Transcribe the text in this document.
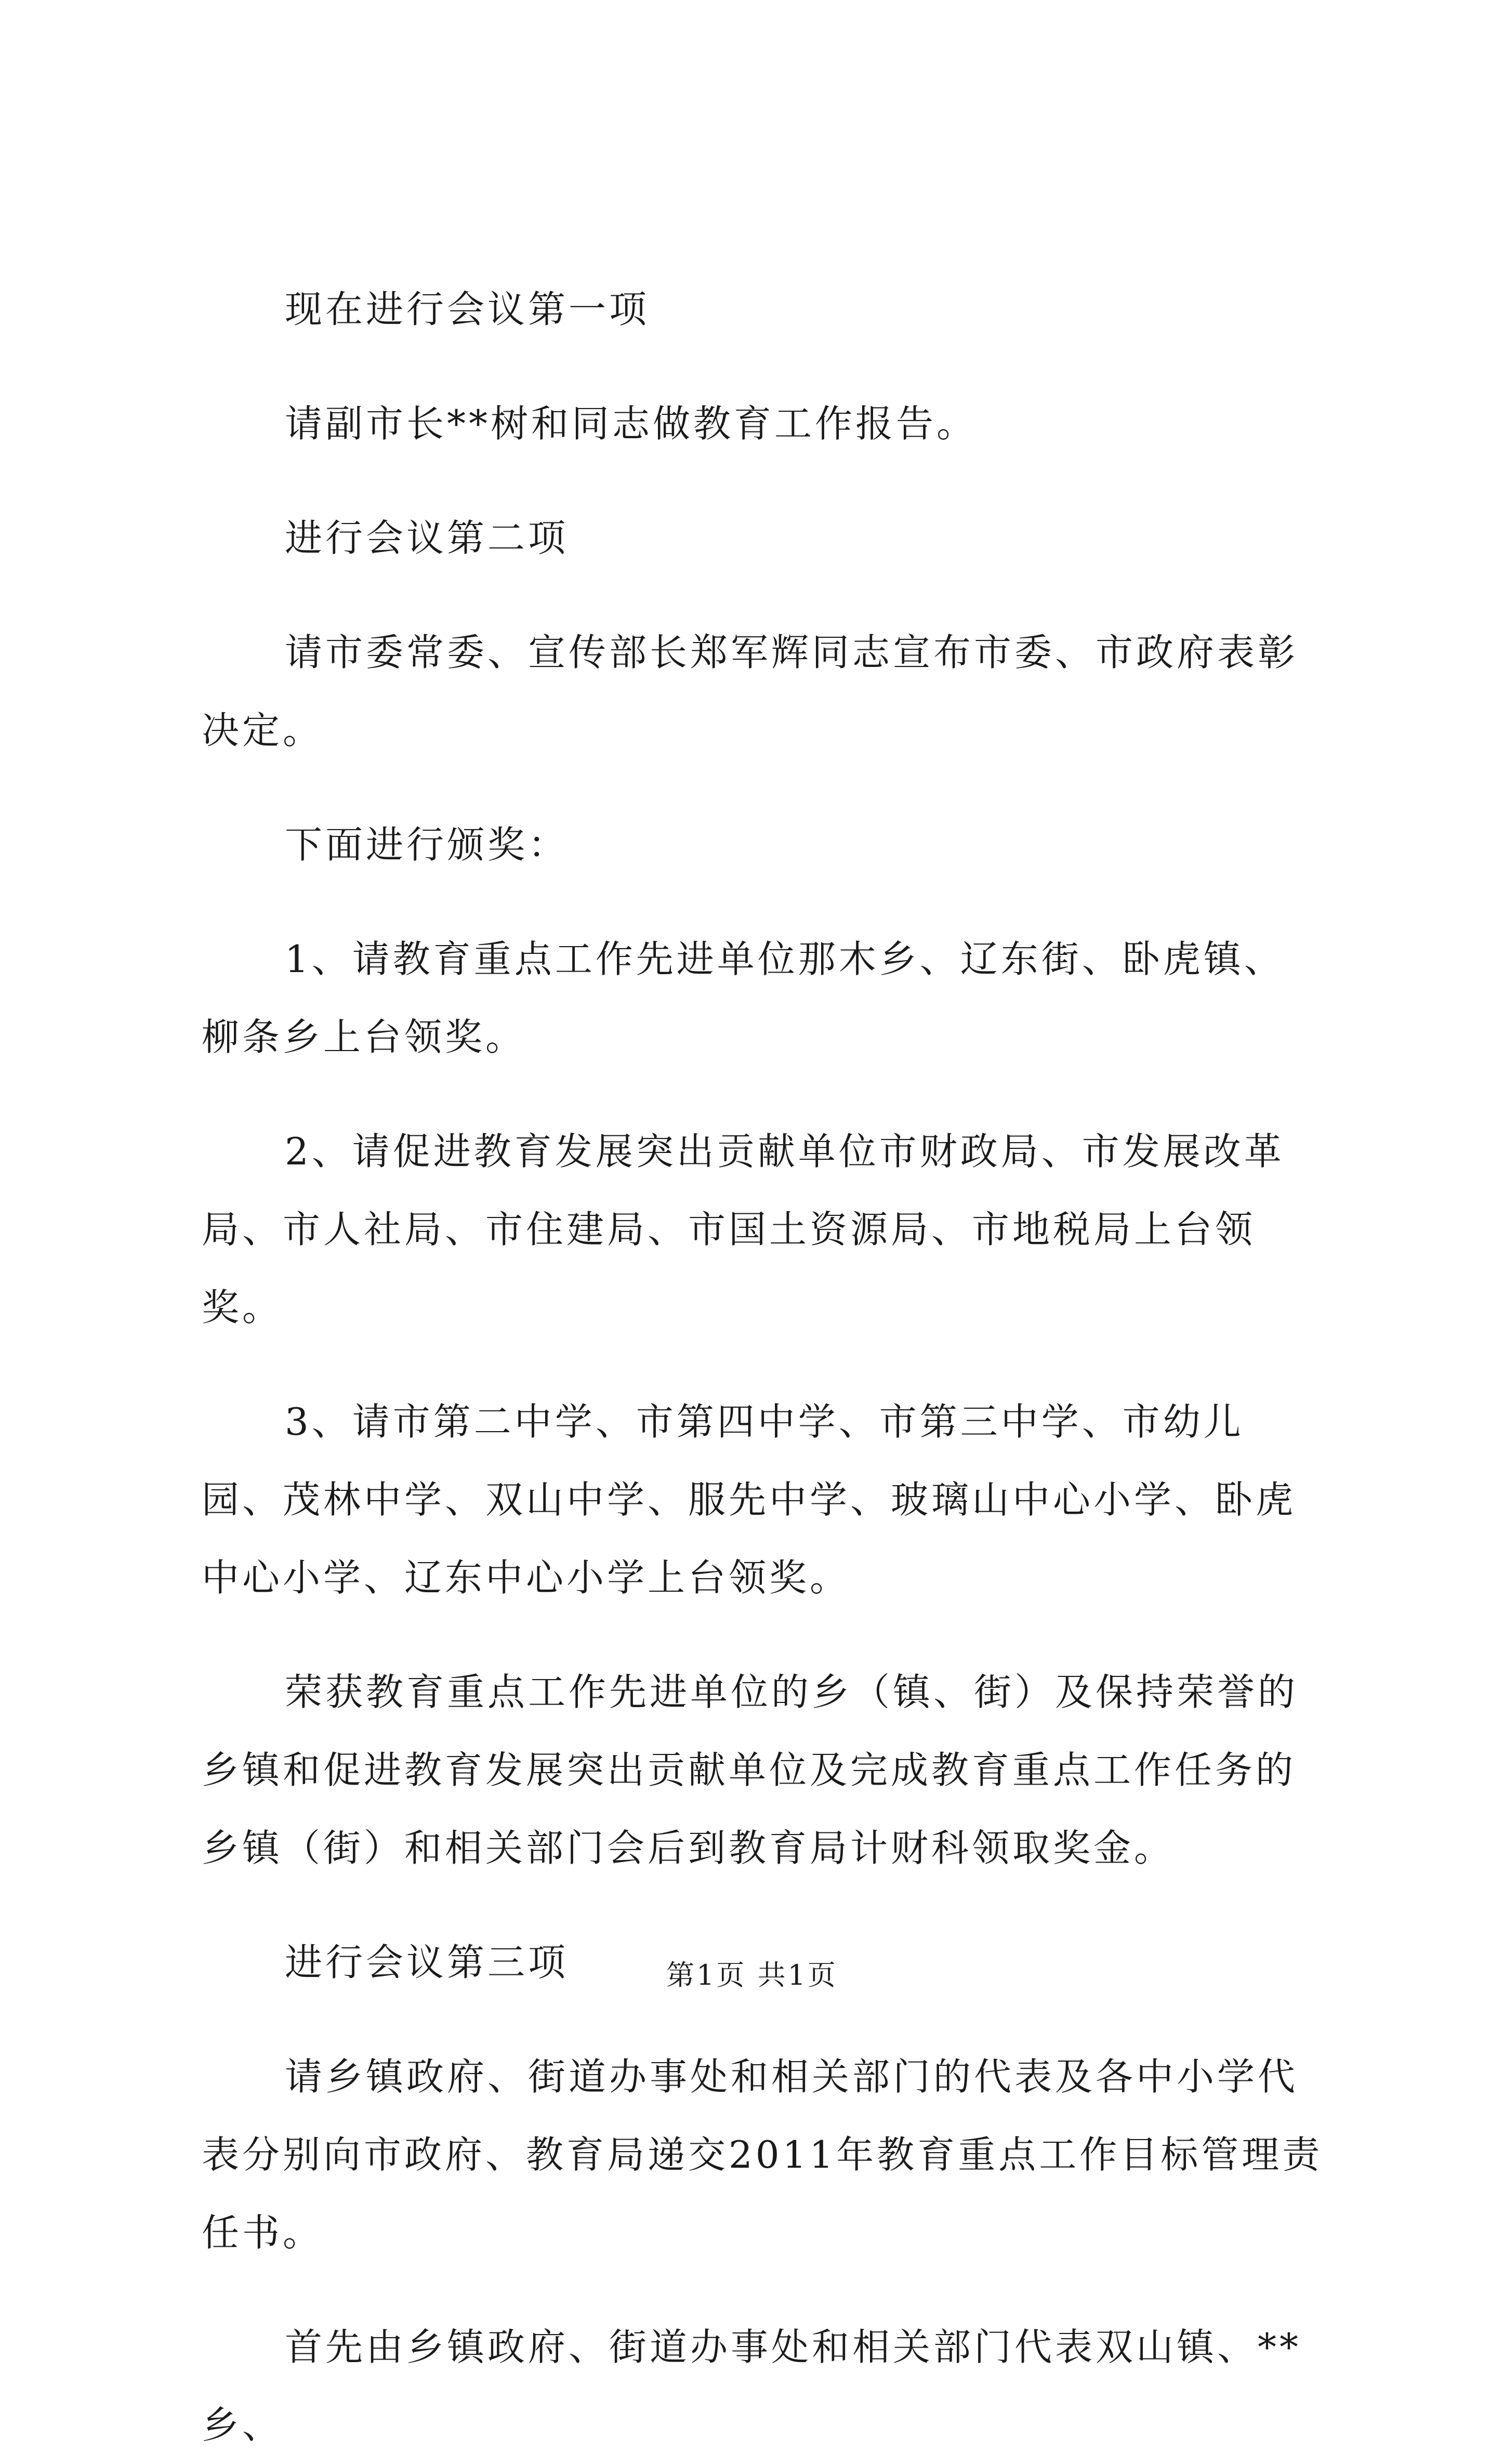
现在进行会议第一项

请副市长**树和同志做教育工作报告。

进行会议第二项

请市委常委、宣传部长郑军辉同志宣布市委、市政府表彰决定。

下面进行颁奖：

1、请教育重点工作先进单位那木乡、辽东街、卧虎镇、柳条乡上台领奖。

2、请促进教育发展突出贡献单位市财政局、市发展改革局、市人社局、市住建局、市国土资源局、市地税局上台领奖。

3、请市第二中学、市第四中学、市第三中学、市幼儿园、茂林中学、双山中学、服先中学、玻璃山中心小学、卧虎中心小学、辽东中心小学上台领奖。

荣获教育重点工作先进单位的乡（镇、街）及保持荣誉的乡镇和促进教育发展突出贡献单位及完成教育重点工作任务的乡镇（街）和相关部门会后到教育局计财科领取奖金。

进行会议第三项

请乡镇政府、街道办事处和相关部门的代表及各中小学代表分别向市政府、教育局递交2011年教育重点工作目标管理责任书。

首先由乡镇政府、街道办事处和相关部门代表双山镇、**乡、

第1页 共1页
